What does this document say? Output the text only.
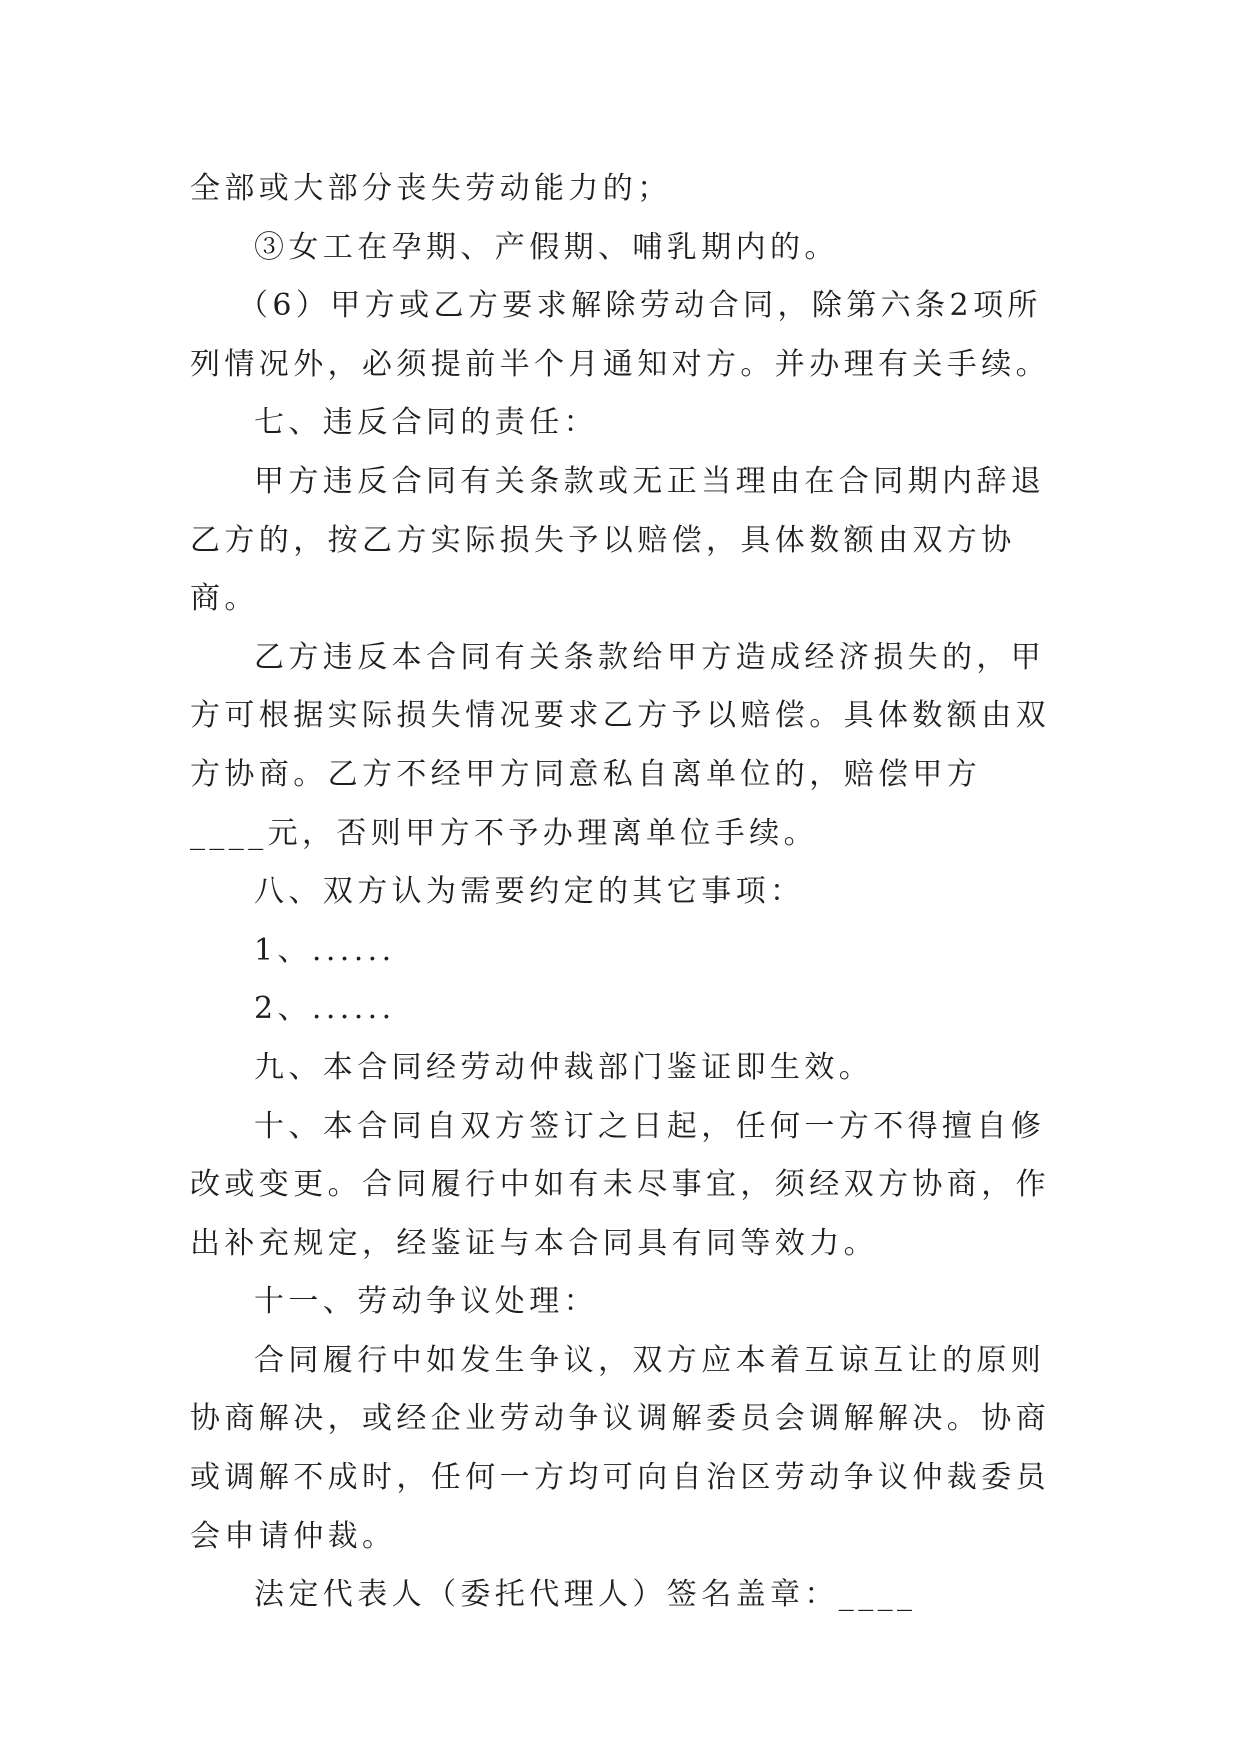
全部或大部分丧失劳动能力的；

③女工在孕期、产假期、哺乳期内的。

（6）甲方或乙方要求解除劳动合同，除第六条2项所列情况外，必须提前半个月通知对方。并办理有关手续。

七、违反合同的责任：

甲方违反合同有关条款或无正当理由在合同期内辞退乙方的，按乙方实际损失予以赔偿，具体数额由双方协商。

乙方违反本合同有关条款给甲方造成经济损失的，甲方可根据实际损失情况要求乙方予以赔偿。具体数额由双方协商。乙方不经甲方同意私自离单位的，赔偿甲方____元，否则甲方不予办理离单位手续。

八、双方认为需要约定的其它事项：

1、......

2、......

九、本合同经劳动仲裁部门鉴证即生效。

十、本合同自双方签订之日起，任何一方不得擅自修改或变更。合同履行中如有未尽事宜，须经双方协商，作出补充规定，经鉴证与本合同具有同等效力。

十一、劳动争议处理：

合同履行中如发生争议，双方应本着互谅互让的原则协商解决，或经企业劳动争议调解委员会调解解决。协商或调解不成时，任何一方均可向自治区劳动争议仲裁委员会申请仲裁。

法定代表人（委托代理人）签名盖章：____
